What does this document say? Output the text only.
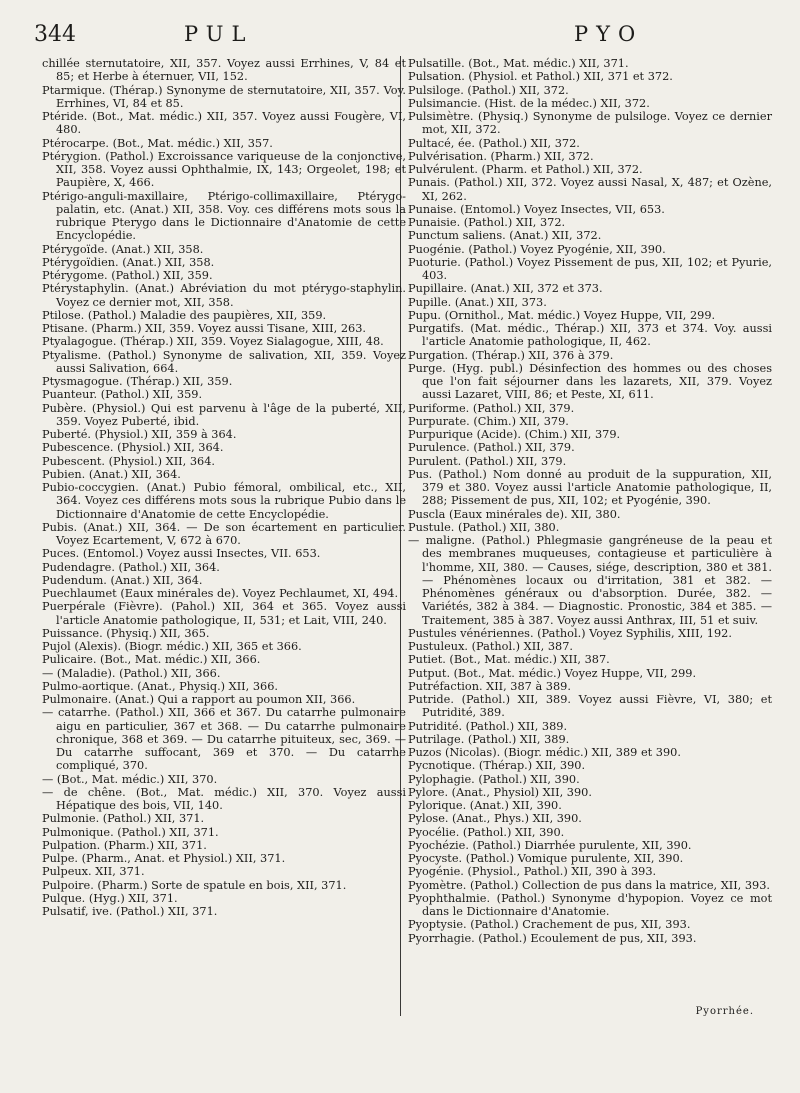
344	PUL	PYO

chillée sternutatoire, XII, 357. Voyez aussi Errhines, V, 84 et 85; et Herbe à éternuer, VII, 152.

Ptarmique. (Thérap.) Synonyme de sternutatoire, XII, 357. Voy. Errhines, VI, 84 et 85.

Ptéride. (Bot., Mat. médic.) XII, 357. Voyez aussi Fougère, VI, 480.

Ptérocarpe. (Bot., Mat. médic.) XII, 357.

Ptérygion. (Pathol.) Excroissance variqueuse de la conjonctive, XII, 358. Voyez aussi Ophthalmie, IX, 143; Orgeolet, 198; et Paupière, X, 466.

Ptérigo-anguli-maxillaire, Ptérigo-collimaxillaire, Ptérygo-palatin, etc. (Anat.) XII, 358. Voy. ces différens mots sous la rubrique Pterygo dans le Dictionnaire d'Anatomie de cette Encyclopédie.

Ptérygoïde. (Anat.) XII, 358.

Ptérygoïdien. (Anat.) XII, 358.

Ptérygome. (Pathol.) XII, 359.

Ptérystaphylin. (Anat.) Abréviation du mot ptérygo-staphylin. Voyez ce dernier mot, XII, 358.

Ptilose. (Pathol.) Maladie des paupières, XII, 359.

Ptisane. (Pharm.) XII, 359. Voyez aussi Tisane, XIII, 263.

Ptyalagogue. (Thérap.) XII, 359. Voyez Sialagogue, XIII, 48.

Ptyalisme. (Pathol.) Synonyme de salivation, XII, 359. Voyez aussi Salivation, 664.

Ptysmagogue. (Thérap.) XII, 359.

Puanteur. (Pathol.) XII, 359.

Pubère. (Physiol.) Qui est parvenu à l'âge de la puberté, XII, 359. Voyez Puberté, ibid.

Puberté. (Physiol.) XII, 359 à 364.

Pubescence. (Physiol.) XII, 364.

Pubescent. (Physiol.) XII, 364.

Pubien. (Anat.) XII, 364.

Pubio-coccygien. (Anat.) Pubio fémoral, ombilical, etc., XII, 364. Voyez ces différens mots sous la rubrique Pubio dans le Dictionnaire d'Anatomie de cette Encyclopédie.

Pubis. (Anat.) XII, 364. — De son écartement en particulier. Voyez Ecartement, V, 672 à 670.

Puces. (Entomol.) Voyez aussi Insectes, VII. 653.

Pudendagre. (Pathol.) XII, 364.

Pudendum. (Anat.) XII, 364.

Puechlaumet (Eaux minérales de). Voyez Pechlaumet, XI, 494.

Puerpérale (Fièvre). (Pahol.) XII, 364 et 365. Voyez aussi l'article Anatomie pathologique, II, 531; et Lait, VIII, 240.

Puissance. (Physiq.) XII, 365.

Pujol (Alexis). (Biogr. médic.) XII, 365 et 366.

Pulicaire. (Bot., Mat. médic.) XII, 366.

— (Maladie). (Pathol.) XII, 366.

Pulmo-aortique. (Anat., Physiq.) XII, 366.

Pulmonaire. (Anat.) Qui a rapport au poumon XII, 366.

— catarrhe. (Pathol.) XII, 366 et 367. Du catarrhe pulmonaire aigu en particulier, 367 et 368. — Du catarrhe pulmonaire chronique, 368 et 369. — Du catarrhe pituiteux, sec, 369. — Du catarrhe suffocant, 369 et 370. — Du catarrhe compliqué, 370.

— (Bot., Mat. médic.) XII, 370.

— de chêne. (Bot., Mat. médic.) XII, 370. Voyez aussi Hépatique des bois, VII, 140.

Pulmonie. (Pathol.) XII, 371.

Pulmonique. (Pathol.) XII, 371.

Pulpation. (Pharm.) XII, 371.

Pulpe. (Pharm., Anat. et Physiol.) XII, 371.

Pulpeux. XII, 371.

Pulpoire. (Pharm.) Sorte de spatule en bois, XII, 371.

Pulque. (Hyg.) XII, 371.

Pulsatif, ive. (Pathol.) XII, 371.

Pulsatille. (Bot., Mat. médic.) XII, 371.

Pulsation. (Physiol. et Pathol.) XII, 371 et 372.

Pulsiloge. (Pathol.) XII, 372.

Pulsimancie. (Hist. de la médec.) XII, 372.

Pulsimètre. (Physiq.) Synonyme de pulsiloge. Voyez ce dernier mot, XII, 372.

Pultacé, ée. (Pathol.) XII, 372.

Pulvérisation. (Pharm.) XII, 372.

Pulvérulent. (Pharm. et Pathol.) XII, 372.

Punais. (Pathol.) XII, 372. Voyez aussi Nasal, X, 487; et Ozène, XI, 262.

Punaise. (Entomol.) Voyez Insectes, VII, 653.

Punaisie. (Pathol.) XII, 372.

Punctum saliens. (Anat.) XII, 372.

Puogénie. (Pathol.) Voyez Pyogénie, XII, 390.

Puoturie. (Pathol.) Voyez Pissement de pus, XII, 102; et Pyurie, 403.

Pupillaire. (Anat.) XII, 372 et 373.

Pupille. (Anat.) XII, 373.

Pupu. (Ornithol., Mat. médic.) Voyez Huppe, VII, 299.

Purgatifs. (Mat. médic., Thérap.) XII, 373 et 374. Voy. aussi l'article Anatomie pathologique, II, 462.

Purgation. (Thérap.) XII, 376 à 379.

Purge. (Hyg. publ.) Désinfection des hommes ou des choses que l'on fait séjourner dans les lazarets, XII, 379. Voyez aussi Lazaret, VIII, 86; et Peste, XI, 611.

Puriforme. (Pathol.) XII, 379.

Purpurate. (Chim.) XII, 379.

Purpurique (Acide). (Chim.) XII, 379.

Purulence. (Pathol.) XII, 379.

Purulent. (Pathol.) XII, 379.

Pus. (Pathol.) Nom donné au produit de la suppuration, XII, 379 et 380. Voyez aussi l'article Anatomie pathologique, II, 288; Pissement de pus, XII, 102; et Pyogénie, 390.

Puscla (Eaux minérales de). XII, 380.

Pustule. (Pathol.) XII, 380.

— maligne. (Pathol.) Phlegmasie gangréneuse de la peau et des membranes muqueuses, contagieuse et particulière à l'homme, XII, 380. — Causes, siége, description, 380 et 381. — Phénomènes locaux ou d'irritation, 381 et 382. — Phénomènes généraux ou d'absorption. Durée, 382. — Variétés, 382 à 384. — Diagnostic. Pronostic, 384 et 385. — Traitement, 385 à 387. Voyez aussi Anthrax, III, 51 et suiv.

Pustules vénériennes. (Pathol.) Voyez Syphilis, XIII, 192.

Pustuleux. (Pathol.) XII, 387.

Putiet. (Bot., Mat. médic.) XII, 387.

Putput. (Bot., Mat. médic.) Voyez Huppe, VII, 299.

Putréfaction. XII, 387 à 389.

Putride. (Pathol.) XII, 389. Voyez aussi Fièvre, VI, 380; et Putridité, 389.

Putridité. (Pathol.) XII, 389.

Putrilage. (Pathol.) XII, 389.

Puzos (Nicolas). (Biogr. médic.) XII, 389 et 390.

Pycnotique. (Thérap.) XII, 390.

Pylophagie. (Pathol.) XII, 390.

Pylore. (Anat., Physiol) XII, 390.

Pylorique. (Anat.) XII, 390.

Pylose. (Anat., Phys.) XII, 390.

Pyocélie. (Pathol.) XII, 390.

Pyochézie. (Pathol.) Diarrhée purulente, XII, 390.

Pyocyste. (Pathol.) Vomique purulente, XII, 390.

Pyogénie. (Physiol., Pathol.) XII, 390 à 393.

Pyomètre. (Pathol.) Collection de pus dans la matrice, XII, 393.

Pyophthalmie. (Pathol.) Synonyme d'hypopion. Voyez ce mot dans le Dictionnaire d'Anatomie.

Pyoptysie. (Pathol.) Crachement de pus, XII, 393.

Pyorrhagie. (Pathol.) Ecoulement de pus, XII, 393.

Pyorrhée.
